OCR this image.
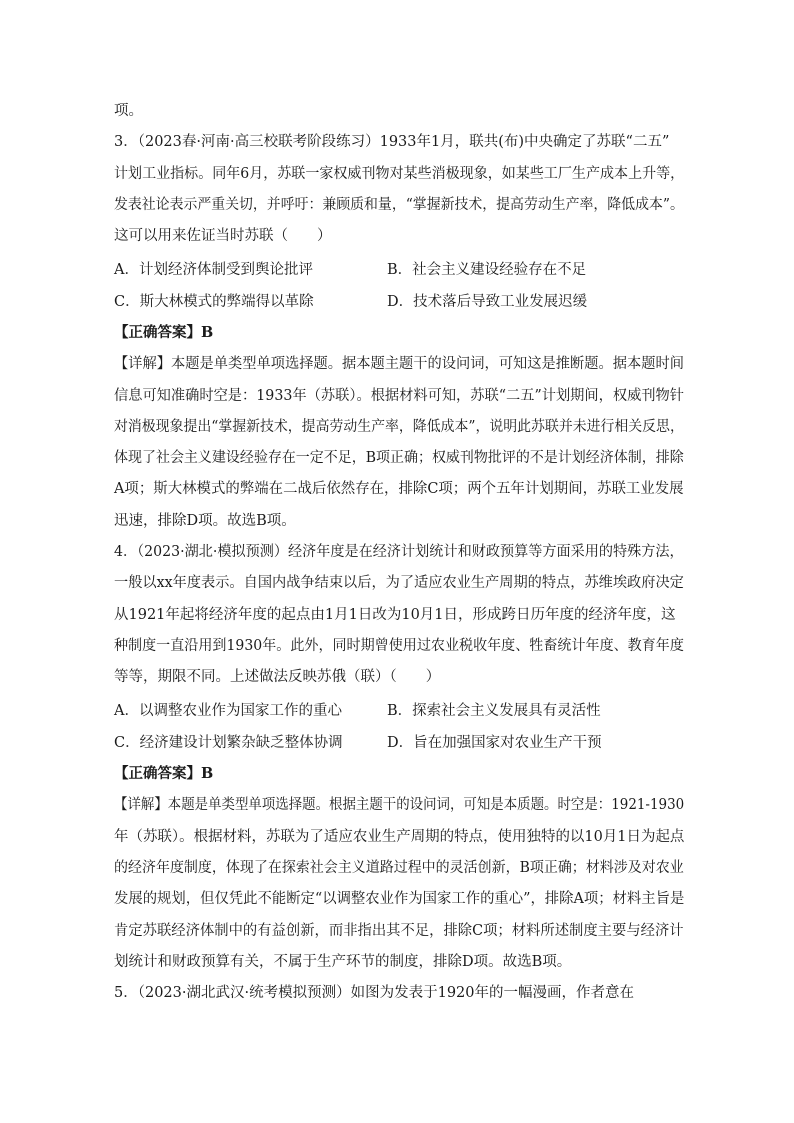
项。
3．（2023春·河南·高三校联考阶段练习）1933年1月，联共(布)中央确定了苏联“二五”
计划工业指标。同年6月，苏联一家权威刊物对某些消极现象，如某些工厂生产成本上升等，
发表社论表示严重关切，并呼吁：兼顾质和量，“掌握新技术，提高劳动生产率，降低成本”。
这可以用来佐证当时苏联（　　）
A．计划经济体制受到舆论批评	B．社会主义建设经验存在不足
C．斯大林模式的弊端得以革除	D．技术落后导致工业发展迟缓
【正确答案】B
【详解】本题是单类型单项选择题。据本题主题干的设问词，可知这是推断题。据本题时间
信息可知准确时空是：1933年（苏联）。根据材料可知，苏联“二五”计划期间，权威刊物针
对消极现象提出“掌握新技术，提高劳动生产率，降低成本”，说明此苏联并未进行相关反思，
体现了社会主义建设经验存在一定不足，B项正确；权威刊物批评的不是计划经济体制，排除
A项；斯大林模式的弊端在二战后依然存在，排除C项；两个五年计划期间，苏联工业发展
迅速，排除D项。故选B项。
4．（2023·湖北·模拟预测）经济年度是在经济计划统计和财政预算等方面采用的特殊方法，
一般以xx年度表示。自国内战争结束以后，为了适应农业生产周期的特点，苏维埃政府决定
从1921年起将经济年度的起点由1月1日改为10月1日，形成跨日历年度的经济年度，这
种制度一直沿用到1930年。此外，同时期曾使用过农业税收年度、牲畜统计年度、教育年度
等等，期限不同。上述做法反映苏俄（联）（　　）
A．以调整农业作为国家工作的重心	B．探索社会主义发展具有灵活性
C．经济建设计划繁杂缺乏整体协调	D．旨在加强国家对农业生产干预
【正确答案】B
【详解】本题是单类型单项选择题。根据主题干的设问词，可知是本质题。时空是：1921-1930
年（苏联）。根据材料，苏联为了适应农业生产周期的特点，使用独特的以10月1日为起点
的经济年度制度，体现了在探索社会主义道路过程中的灵活创新，B项正确；材料涉及对农业
发展的规划，但仅凭此不能断定“以调整农业作为国家工作的重心”，排除A项；材料主旨是
肯定苏联经济体制中的有益创新，而非指出其不足，排除C项；材料所述制度主要与经济计
划统计和财政预算有关，不属于生产环节的制度，排除D项。故选B项。
5．（2023·湖北武汉·统考模拟预测）如图为发表于1920年的一幅漫画，作者意在
